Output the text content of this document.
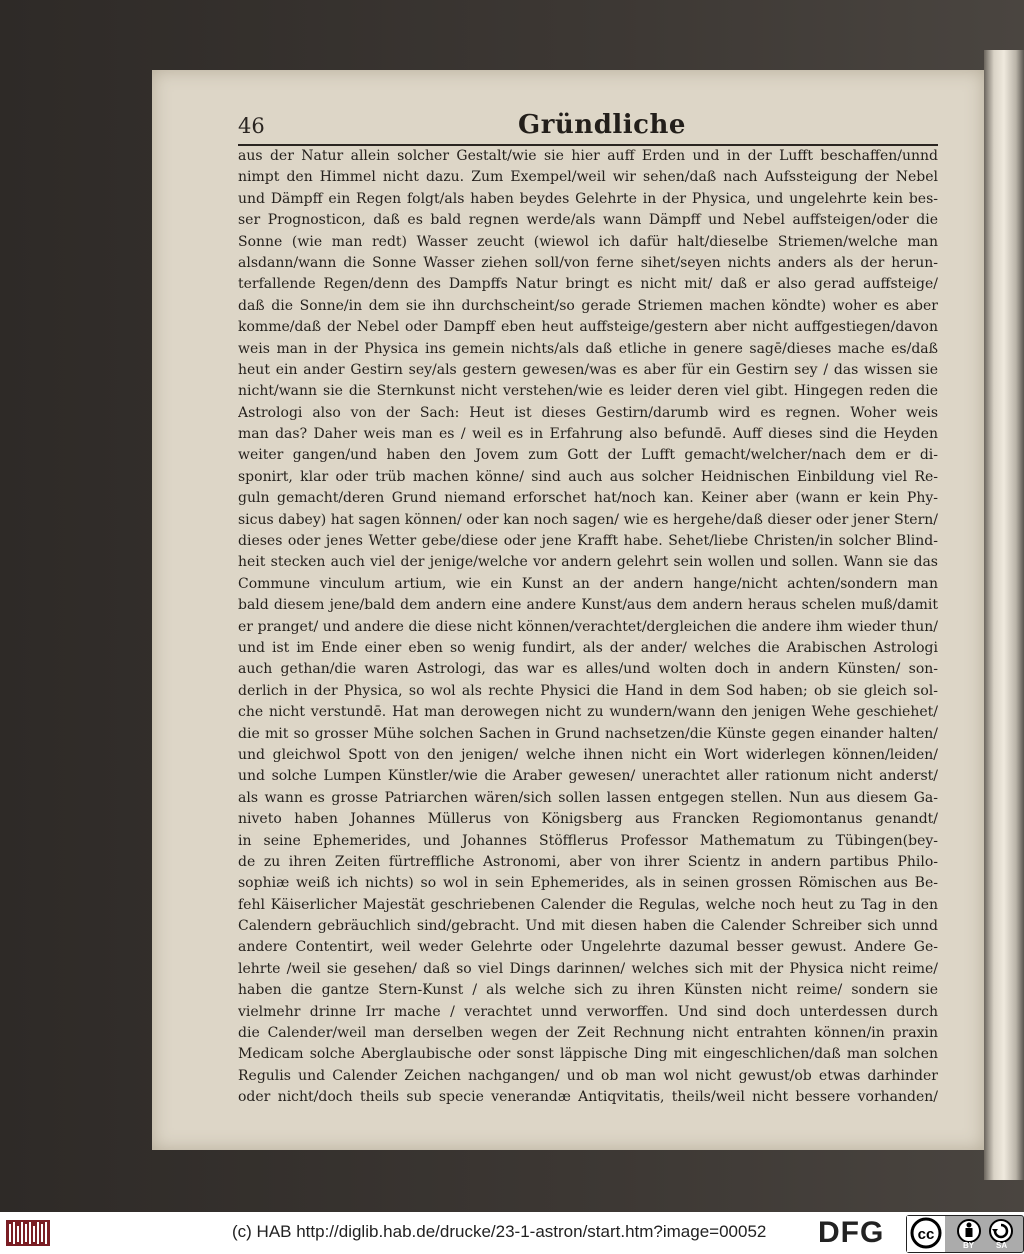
46	Gründliche
aus der Natur allein solcher Gestalt/wie sie hier auff Erden und in der Lufft beschaffen/unnd
nimpt den Himmel nicht dazu. Zum Exempel/weil wir sehen/daß nach Aufssteigung der Nebel
und Dämpff ein Regen folgt/als haben beydes Gelehrte in der Physica, und ungelehrte kein bes-
ser Prognosticon, daß es bald regnen werde/als wann Dämpff und Nebel auffsteigen/oder die
Sonne (wie man redt) Wasser zeucht (wiewol ich dafür halt/dieselbe Striemen/welche man
alsdann/wann die Sonne Wasser ziehen soll/von ferne sihet/seyen nichts anders als der herun-
terfallende Regen/denn des Dampffs Natur bringt es nicht mit/ daß er also gerad auffsteige/
daß die Sonne/in dem sie ihn durchscheint/so gerade Striemen machen köndte) woher es aber
komme/daß der Nebel oder Dampff eben heut auffsteige/gestern aber nicht auffgestiegen/davon
weis man in der Physica ins gemein nichts/als daß etliche in genere sagē/dieses mache es/daß
heut ein ander Gestirn sey/als gestern gewesen/was es aber für ein Gestirn sey / das wissen sie
nicht/wann sie die Sternkunst nicht verstehen/wie es leider deren viel gibt. Hingegen reden die
Astrologi also von der Sach: Heut ist dieses Gestirn/darumb wird es regnen. Woher weis
man das? Daher weis man es / weil es in Erfahrung also befundē. Auff dieses sind die Heyden
weiter gangen/und haben den Jovem zum Gott der Lufft gemacht/welcher/nach dem er di-
sponirt, klar oder trüb machen könne/ sind auch aus solcher Heidnischen Einbildung viel Re-
guln gemacht/deren Grund niemand erforschet hat/noch kan. Keiner aber (wann er kein Phy-
sicus dabey) hat sagen können/ oder kan noch sagen/ wie es hergehe/daß dieser oder jener Stern/
dieses oder jenes Wetter gebe/diese oder jene Krafft habe. Sehet/liebe Christen/in solcher Blind-
heit stecken auch viel der jenige/welche vor andern gelehrt sein wollen und sollen. Wann sie das
Commune vinculum artium, wie ein Kunst an der andern hange/nicht achten/sondern man
bald diesem jene/bald dem andern eine andere Kunst/aus dem andern heraus schelen muß/damit
er pranget/ und andere die diese nicht können/verachtet/dergleichen die andere ihm wieder thun/
und ist im Ende einer eben so wenig fundirt, als der ander/ welches die Arabischen Astrologi
auch gethan/die waren Astrologi, das war es alles/und wolten doch in andern Künsten/ son-
derlich in der Physica, so wol als rechte Physici die Hand in dem Sod haben; ob sie gleich sol-
che nicht verstundē. Hat man derowegen nicht zu wundern/wann den jenigen Wehe geschiehet/
die mit so grosser Mühe solchen Sachen in Grund nachsetzen/die Künste gegen einander halten/
und gleichwol Spott von den jenigen/ welche ihnen nicht ein Wort widerlegen können/leiden/
und solche Lumpen Künstler/wie die Araber gewesen/ unerachtet aller rationum nicht anderst/
als wann es grosse Patriarchen wären/sich sollen lassen entgegen stellen. Nun aus diesem Ga-
niveto haben Johannes Müllerus von Königsberg aus Francken Regiomontanus genandt/
in seine Ephemerides, und Johannes Stöfflerus Professor Mathematum zu Tübingen(bey-
de zu ihren Zeiten fürtreffliche Astronomi, aber von ihrer Scientz in andern partibus Philo-
sophiæ weiß ich nichts) so wol in sein Ephemerides, als in seinen grossen Römischen aus Be-
fehl Käiserlicher Majestät geschriebenen Calender die Regulas, welche noch heut zu Tag in den
Calendern gebräuchlich sind/gebracht. Und mit diesen haben die Calender Schreiber sich unnd
andere Contentirt, weil weder Gelehrte oder Ungelehrte dazumal besser gewust. Andere Ge-
lehrte /weil sie gesehen/ daß so viel Dings darinnen/ welches sich mit der Physica nicht reime/
haben die gantze Stern-Kunst / als welche sich zu ihren Künsten nicht reime/ sondern sie
vielmehr drinne Irr mache / verachtet unnd verworffen. Und sind doch unterdessen durch
die Calender/weil man derselben wegen der Zeit Rechnung nicht entrahten können/in praxin
Medicam solche Aberglaubische oder sonst läppische Ding mit eingeschlichen/daß man solchen
Regulis und Calender Zeichen nachgangen/ und ob man wol nicht gewust/ob etwas darhinder
oder nicht/doch theils sub specie venerandæ Antiqvitatis, theils/weil nicht bessere vorhanden/
(c) HAB http://diglib.hab.de/drucke/23-1-astron/start.htm?image=00052 DFG cc
BY	SA
